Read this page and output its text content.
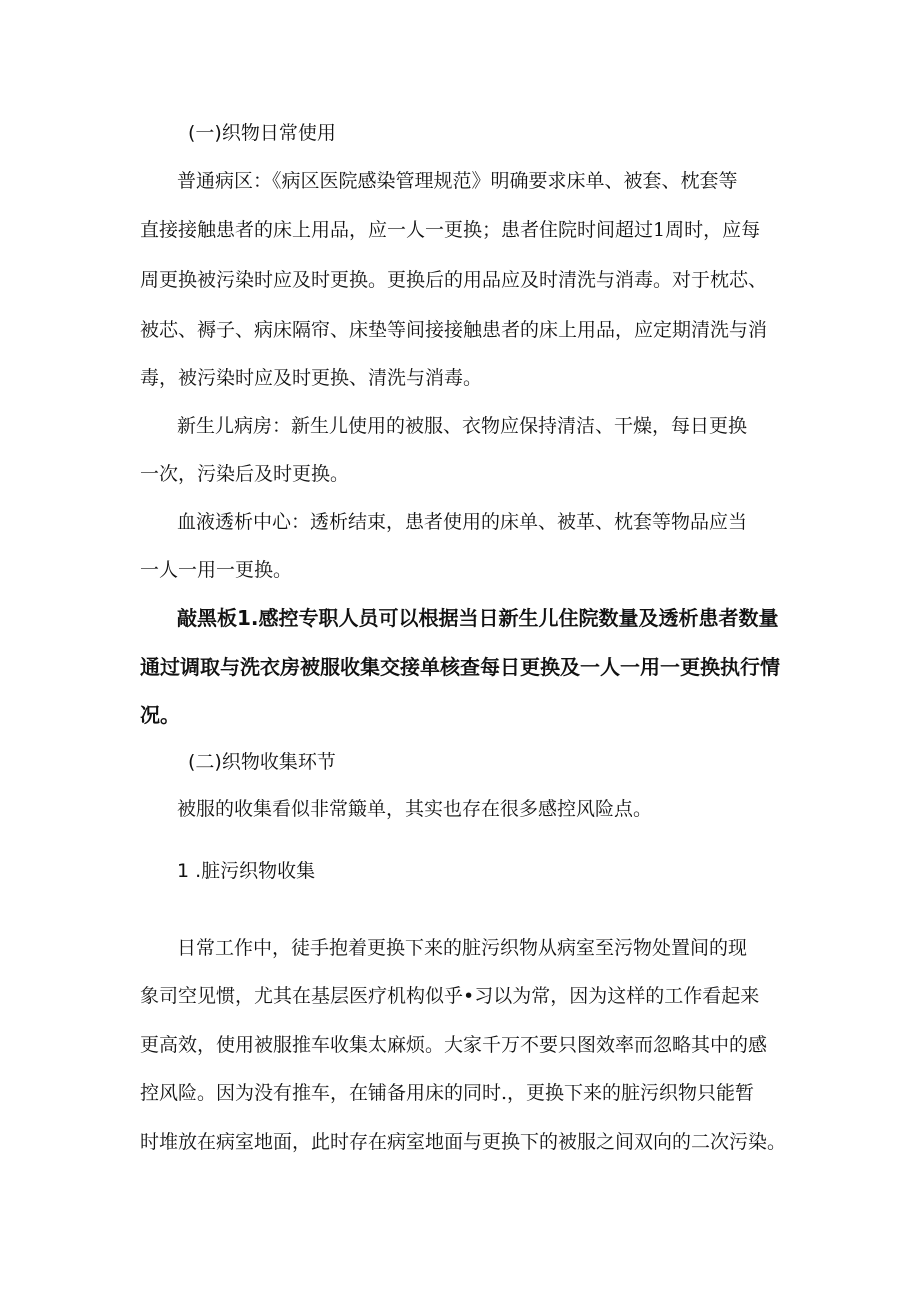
(一)织物日常使用
普通病区：《病区医院感染管理规范》明确要求床单、被套、枕套等
直接接触患者的床上用品，应一人一更换；患者住院时间超过1周时，应每
周更换被污染时应及时更换。更换后的用品应及时清洗与消毒。对于枕芯、
被芯、褥子、病床隔帘、床垫等间接接触患者的床上用品，应定期清洗与消
毒，被污染时应及时更换、清洗与消毒。
新生儿病房：新生儿使用的被服、衣物应保持清洁、干燥，每日更换
一次，污染后及时更换。
血液透析中心：透析结束，患者使用的床单、被革、枕套等物品应当
一人一用一更换。
敲黑板1.感控专职人员可以根据当日新生儿住院数量及透析患者数量
通过调取与洗衣房被服收集交接单核查每日更换及一人一用一更换执行情
况。
(二)织物收集环节
被服的收集看似非常簸单，其实也存在很多感控风险点。
1 .脏污织物收集
日常工作中，徒手抱着更换下来的脏污织物从病室至污物处置间的现
象司空见惯，尤其在基层医疗机构似乎•习以为常，因为这样的工作看起来
更高效，使用被服推车收集太麻烦。大家千万不要只图效率而忽略其中的感
控风险。因为没有推车，在铺备用床的同时.，更换下来的脏污织物只能暂
时堆放在病室地面，此时存在病室地面与更换下的被服之间双向的二次污染。
